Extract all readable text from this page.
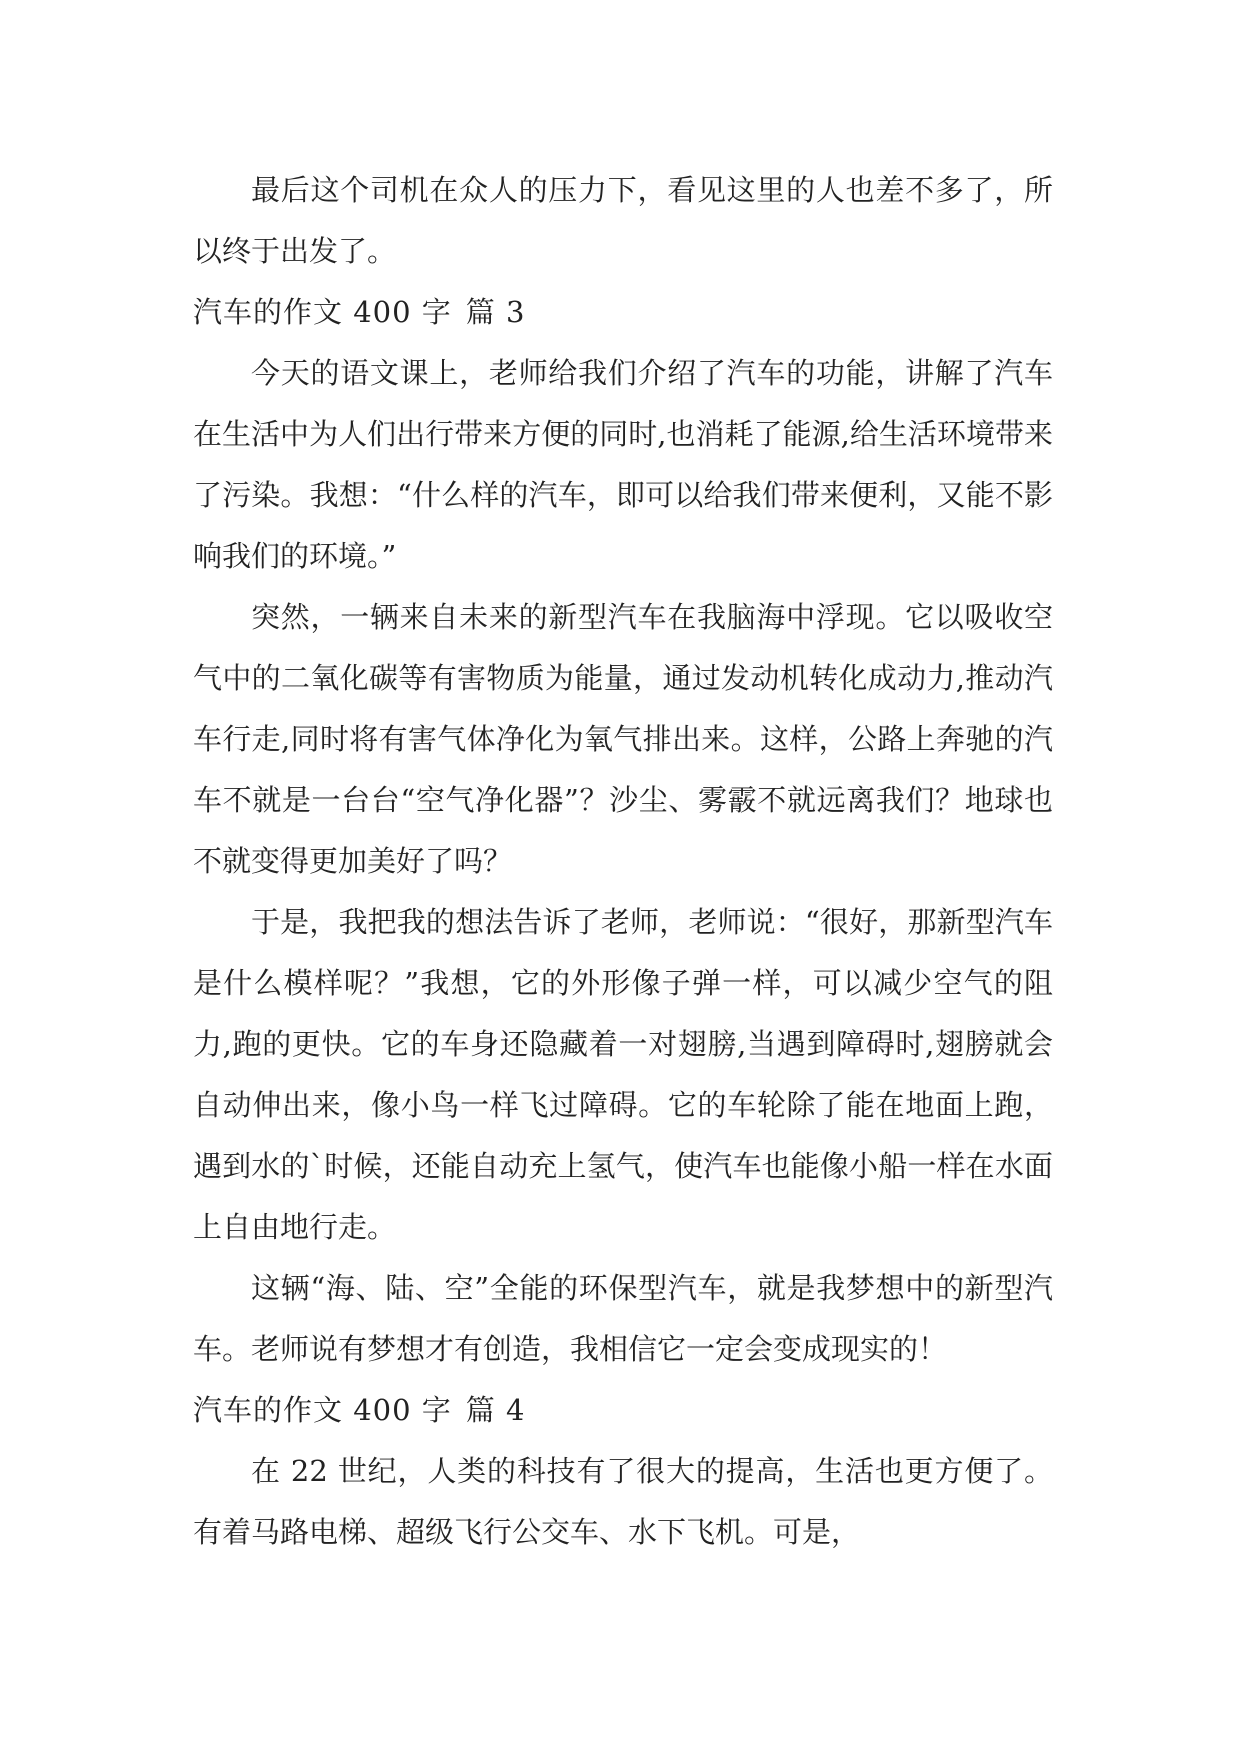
最后这个司机在众人的压力下，看见这里的人也差不多了，所以终于出发了。

汽车的作文 400 字 篇 3

今天的语文课上，老师给我们介绍了汽车的功能，讲解了汽车在生活中为人们出行带来方便的同时,也消耗了能源,给生活环境带来了污染。我想：“什么样的汽车，即可以给我们带来便利，又能不影响我们的环境。”

突然，一辆来自未来的新型汽车在我脑海中浮现。它以吸收空气中的二氧化碳等有害物质为能量，通过发动机转化成动力,推动汽车行走,同时将有害气体净化为氧气排出来。这样，公路上奔驰的汽车不就是一台台“空气净化器”？沙尘、雾霰不就远离我们？地球也不就变得更加美好了吗？

于是，我把我的想法告诉了老师，老师说：“很好，那新型汽车是什么模样呢？”我想，它的外形像子弹一样，可以减少空气的阻力,跑的更快。它的车身还隐藏着一对翅膀,当遇到障碍时,翅膀就会自动伸出来，像小鸟一样飞过障碍。它的车轮除了能在地面上跑，遇到水的`时候，还能自动充上氢气，使汽车也能像小船一样在水面上自由地行走。

这辆“海、陆、空”全能的环保型汽车，就是我梦想中的新型汽车。老师说有梦想才有创造，我相信它一定会变成现实的！

汽车的作文 400 字 篇 4

在 22 世纪，人类的科技有了很大的提高，生活也更方便了。有着马路电梯、超级飞行公交车、水下飞机。可是，
